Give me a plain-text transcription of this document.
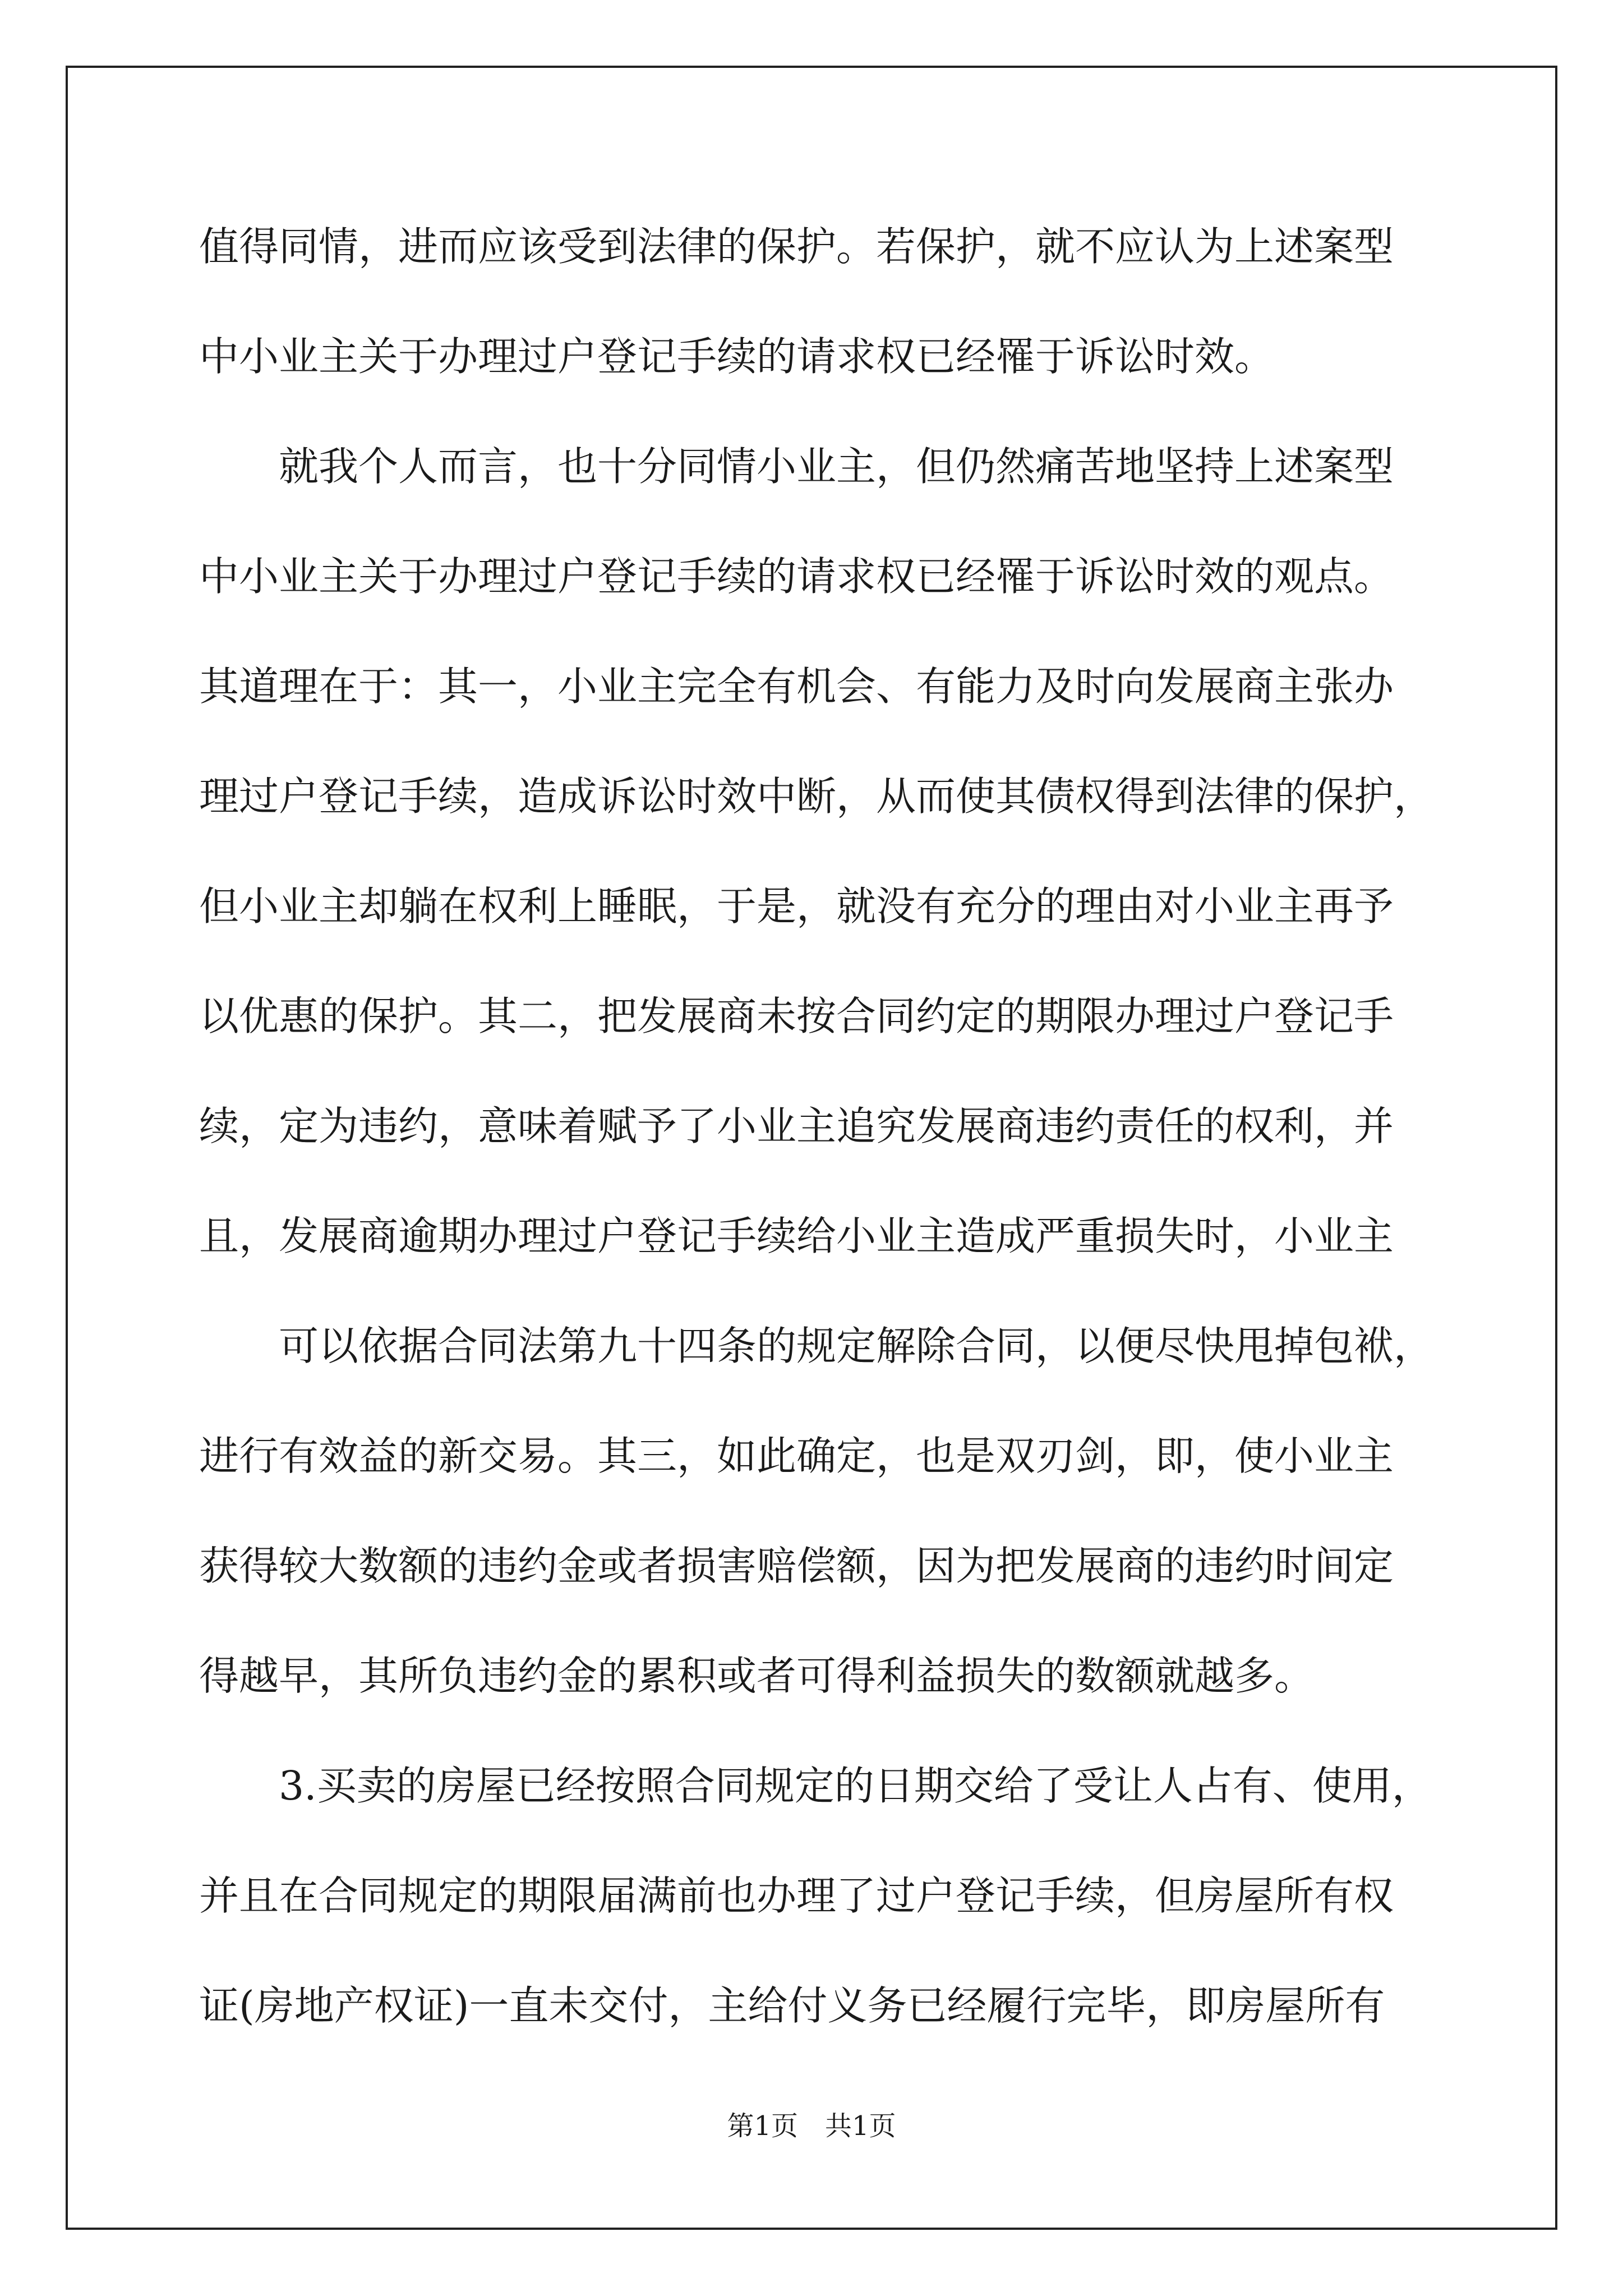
值得同情，进而应该受到法律的保护。若保护，就不应认为上述案型
中小业主关于办理过户登记手续的请求权已经罹于诉讼时效。
就我个人而言，也十分同情小业主，但仍然痛苦地坚持上述案型
中小业主关于办理过户登记手续的请求权已经罹于诉讼时效的观点。
其道理在于：其一，小业主完全有机会、有能力及时向发展商主张办
理过户登记手续，造成诉讼时效中断，从而使其债权得到法律的保护，
但小业主却躺在权利上睡眠，于是，就没有充分的理由对小业主再予
以优惠的保护。其二，把发展商未按合同约定的期限办理过户登记手
续，定为违约，意味着赋予了小业主追究发展商违约责任的权利，并
且，发展商逾期办理过户登记手续给小业主造成严重损失时，小业主
可以依据合同法第九十四条的规定解除合同，以便尽快甩掉包袱，
进行有效益的新交易。其三，如此确定，也是双刃剑，即，使小业主
获得较大数额的违约金或者损害赔偿额，因为把发展商的违约时间定
得越早，其所负违约金的累积或者可得利益损失的数额就越多。
3.买卖的房屋已经按照合同规定的日期交给了受让人占有、使用，
并且在合同规定的期限届满前也办理了过户登记手续，但房屋所有权
证(房地产权证)一直未交付，主给付义务已经履行完毕，即房屋所有
第1页 共1页
